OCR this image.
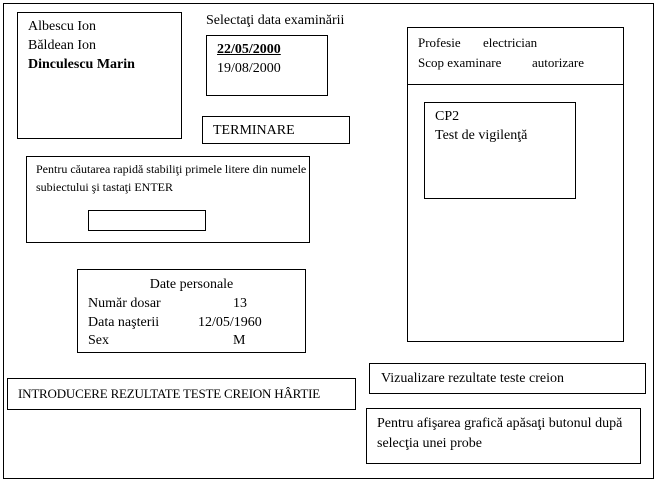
Albescu Ion
Băldean Ion
Dinculescu Marin
Selectaţi data examinării
22/05/2000
19/08/2000
TERMINARE
Pentru căutarea rapidă stabiliţi primele litere din numele subiectului şi tastaţi ENTER
Date personale
Număr dosar	13
Data naşterii	12/05/1960
Sex	M
Profesie electrician
Scop examinare autorizare
CP2
Test de vigilenţă
INTRODUCERE REZULTATE TESTE CREION HÂRTIE
Vizualizare rezultate teste creion
Pentru afişarea grafică apăsaţi butonul după selecţia unei probe
